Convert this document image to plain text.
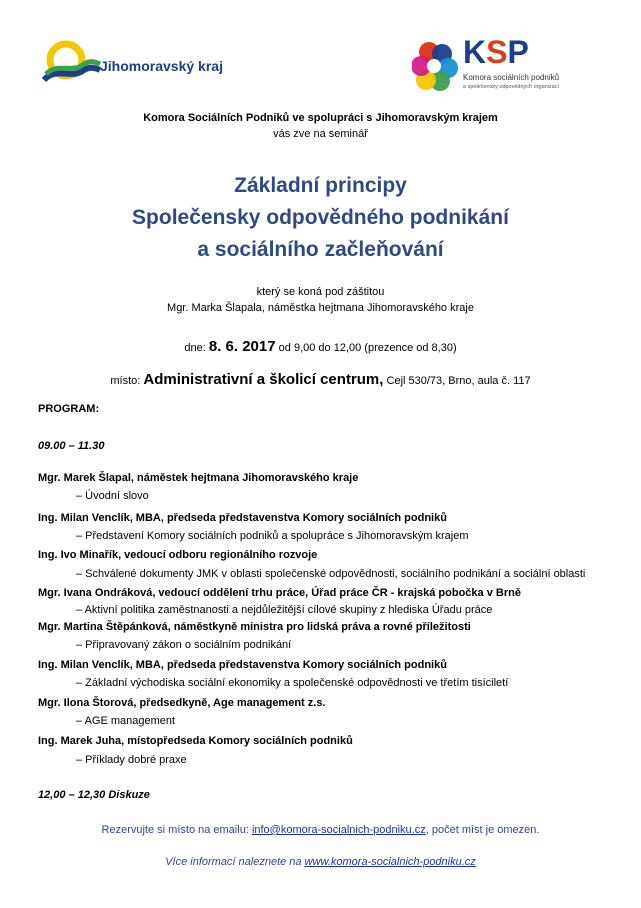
Jihomoravský kraj	KSP
Komora sociálních podniků
a společensky odpovědných organizací
Komora Sociálních Podniků ve spolupráci s Jihomoravským krajem
vás zve na seminář
Základní principy
Společensky odpovědného podnikání
a sociálního začleňování
který se koná pod záštitou
Mgr. Marka Šlapala, náměstka hejtmana Jihomoravského kraje
dne: 8. 6. 2017 od 9,00 do 12,00 (prezence od 8,30)
místo: Administrativní a školicí centrum, Cejl 530/73, Brno, aula č. 117
PROGRAM:
09.00 – 11.30
Mgr. Marek Šlapal, náměstek hejtmana Jihomoravského kraje
– Úvodní slovo
Ing. Milan Venclík, MBA, předseda představenstva Komory sociálních podniků
– Představení Komory sociálních podniků a spolupráce s Jihomoravským krajem
Ing. Ivo Minařík, vedoucí odboru regionálního rozvoje
– Schválené dokumenty JMK v oblasti společenské odpovědnosti, sociálního podnikání a sociální oblasti
Mgr. Ivana Ondráková, vedoucí oddělení trhu práce, Úřad práce ČR - krajská pobočka v Brně
– Aktivní politika zaměstnanosti a nejdůležitější cílové skupiny z hlediska Úřadu práce
Mgr. Martina Štěpánková, náměstkyně ministra pro lidská práva a rovné příležitosti
– Připravovaný zákon o sociálním podnikání
Ing. Milan Venclík, MBA, předseda představenstva Komory sociálních podniků
– Základní východiska sociální ekonomiky a společenské odpovědnosti ve třetím tisíciletí
Mgr. Ilona Štorová, předsedkyně, Age management z.s.
– AGE management
Ing. Marek Juha, místopředseda Komory sociálních podniků
– Příklady dobré praxe
12,00 – 12,30 Diskuze
Rezervujte si místo na emailu: info@komora-socialnich-podniku.cz, počet míst je omezen.
Více informací naleznete na www.komora-socialnich-podniku.cz
